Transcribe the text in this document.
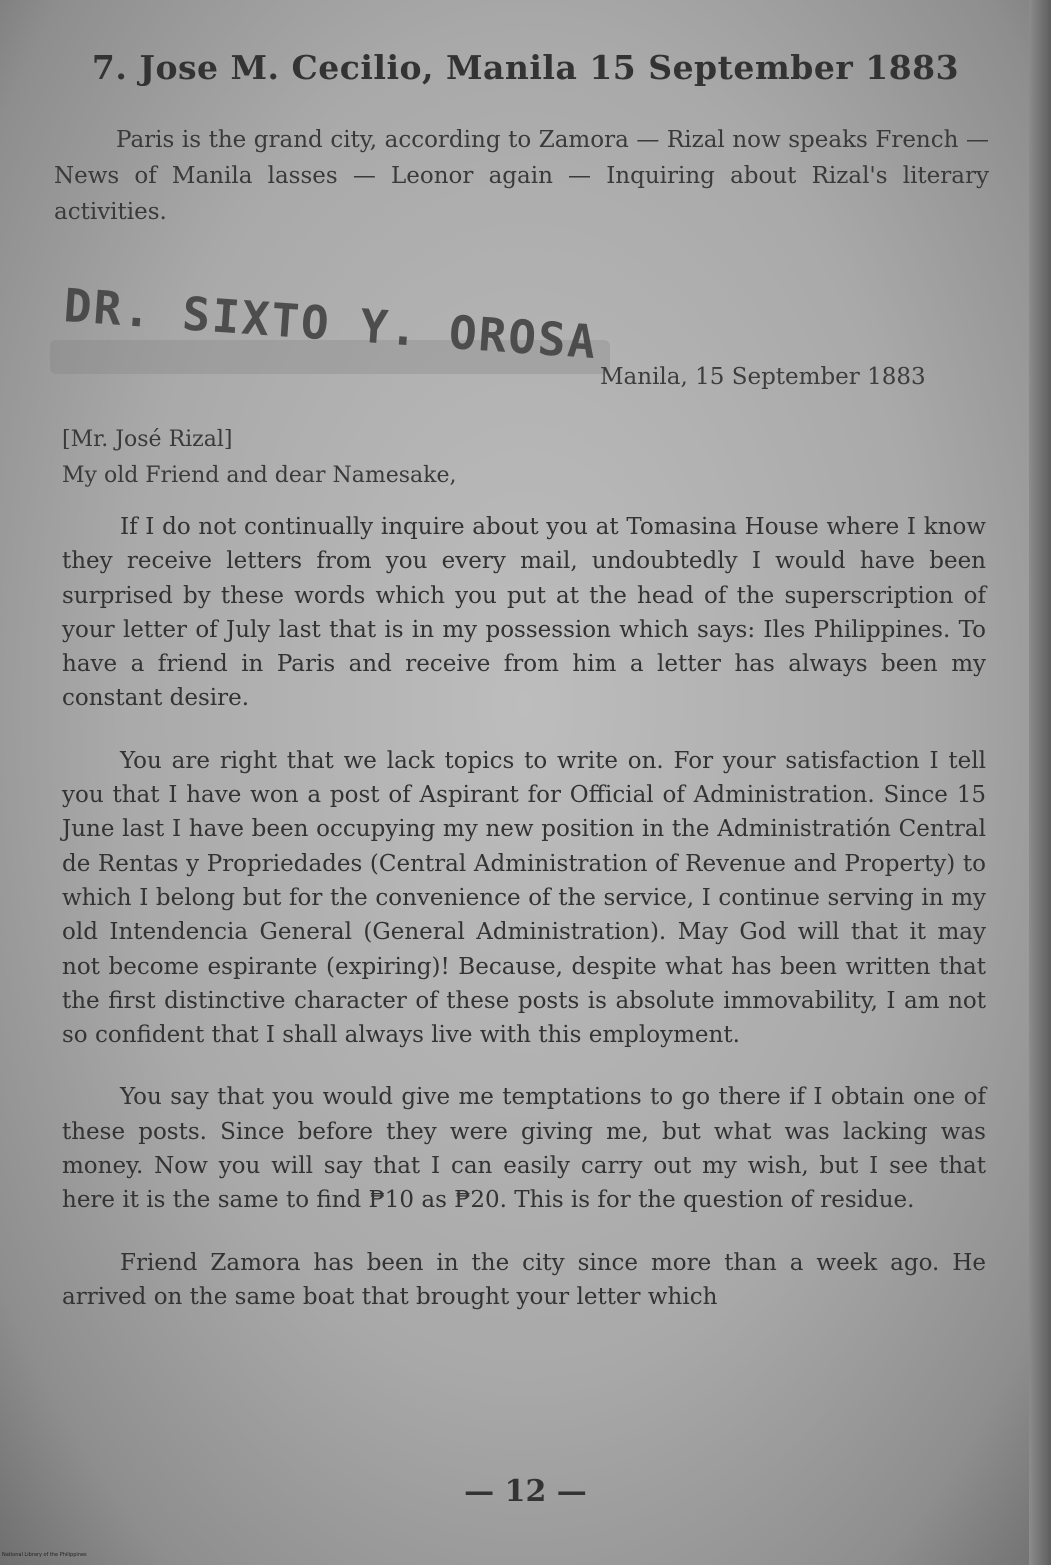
7. Jose M. Cecilio, Manila 15 September 1883
Paris is the grand city, according to Zamora — Rizal now speaks French — News of Manila lasses — Leonor again — Inquiring about Rizal's literary activities.
DR. SIXTO Y. OROSA
Manila, 15 September 1883
[Mr. José Rizal]
My old Friend and dear Namesake,

If I do not continually inquire about you at Tomasina House where I know they receive letters from you every mail, undoubtedly I would have been surprised by these words which you put at the head of the superscription of your letter of July last that is in my possession which says: Iles Philippines. To have a friend in Paris and receive from him a letter has always been my constant desire.

You are right that we lack topics to write on. For your satisfaction I tell you that I have won a post of Aspirant for Official of Administration. Since 15 June last I have been occupying my new position in the Administratión Central de Rentas y Propriedades (Central Administration of Revenue and Property) to which I belong but for the convenience of the service, I continue serving in my old Intendencia General (General Administration). May God will that it may not become espirante (expiring)! Because, despite what has been written that the first distinctive character of these posts is absolute immovability, I am not so confident that I shall always live with this employment.

You say that you would give me temptations to go there if I obtain one of these posts. Since before they were giving me, but what was lacking was money. Now you will say that I can easily carry out my wish, but I see that here it is the same to find ₱10 as ₱20. This is for the question of residue.

Friend Zamora has been in the city since more than a week ago. He arrived on the same boat that brought your letter which

— 12 —
National Library of the Philippines
